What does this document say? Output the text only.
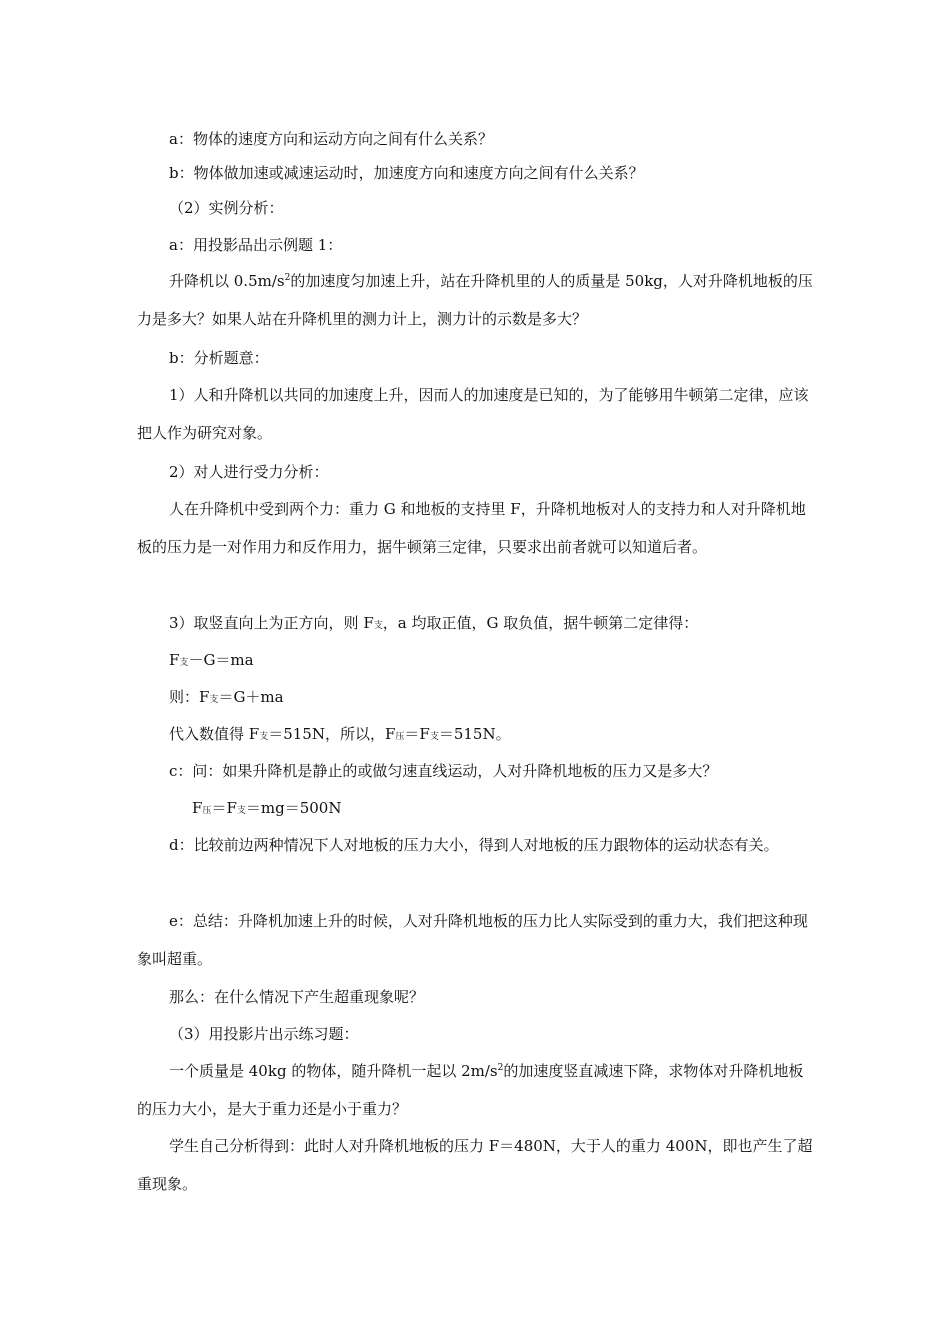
a：物体的速度方向和运动方向之间有什么关系？

b：物体做加速或减速运动时，加速度方向和速度方向之间有什么关系？

（2）实例分析：

a：用投影品出示例题 1：

升降机以 $0.5m/s^2$的加速度匀加速上升，站在升降机里的人的质量是 50kg，人对升降机地板的压力是多大？如果人站在升降机里的测力计上，测力计的示数是多大？

b：分析题意：

1）人和升降机以共同的加速度上升，因而人的加速度是已知的，为了能够用牛顿第二定律，应该把人作为研究对象。

2）对人进行受力分析：

人在升降机中受到两个力：重力 G 和地板的支持里 F，升降机地板对人的支持力和人对升降机地板的压力是一对作用力和反作用力，据牛顿第三定律，只要求出前者就可以知道后者。

3）取竖直向上为正方向，则 F支，a 均取正值，G 取负值，据牛顿第二定律得：

F支－G＝ma

则：F支＝G＋ma

代入数值得 F支＝515N，所以，F压＝F支＝515N。

c：问：如果升降机是静止的或做匀速直线运动，人对升降机地板的压力又是多大？

F压＝F支＝mg＝500N

d：比较前边两种情况下人对地板的压力大小，得到人对地板的压力跟物体的运动状态有关。

e：总结：升降机加速上升的时候，人对升降机地板的压力比人实际受到的重力大，我们把这种现象叫超重。

那么：在什么情况下产生超重现象呢？

（3）用投影片出示练习题：

一个质量是 40kg 的物体，随升降机一起以 $2m/s^2$的加速度竖直减速下降，求物体对升降机地板的压力大小，是大于重力还是小于重力？

学生自己分析得到：此时人对升降机地板的压力 F＝480N，大于人的重力 400N，即也产生了超重现象。
